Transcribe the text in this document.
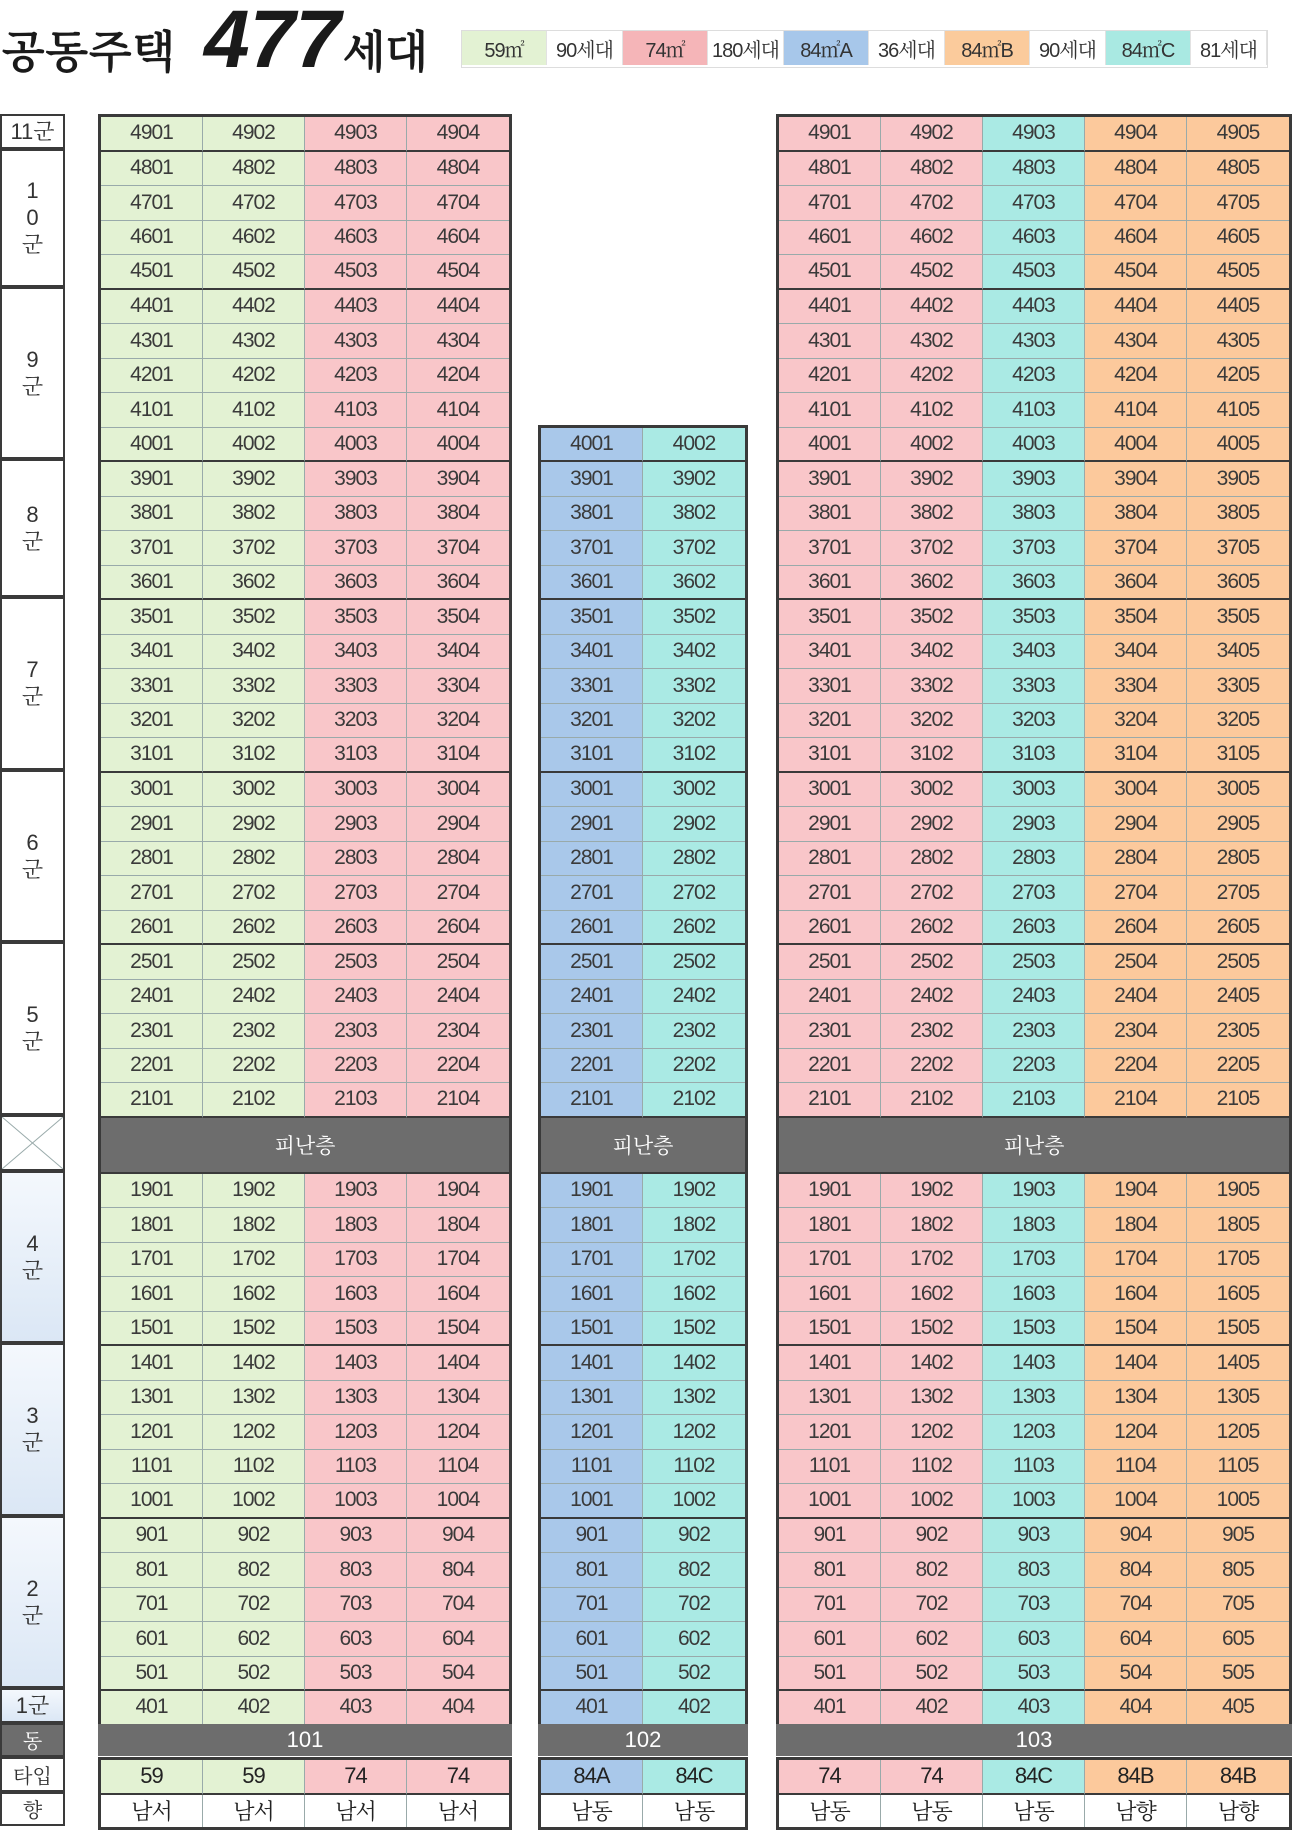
공동주택 477 세대	59㎡	90세대	74㎡	180세대	84㎡A	36세대	84㎡B	90세대	84㎡C	81세대
11군
10군
9군
8군
7군
6군
5군
4군
3군
2군
1군
동
타입
향
4901	4902	4903	4904
4801	4802	4803	4804
4701	4702	4703	4704
4601	4602	4603	4604
4501	4502	4503	4504
4401	4402	4403	4404
4301	4302	4303	4304
4201	4202	4203	4204
4101	4102	4103	4104
4001	4002	4003	4004
3901	3902	3903	3904
3801	3802	3803	3804
3701	3702	3703	3704
3601	3602	3603	3604
3501	3502	3503	3504
3401	3402	3403	3404
3301	3302	3303	3304
3201	3202	3203	3204
3101	3102	3103	3104
3001	3002	3003	3004
2901	2902	2903	2904
2801	2802	2803	2804
2701	2702	2703	2704
2601	2602	2603	2604
2501	2502	2503	2504
2401	2402	2403	2404
2301	2302	2303	2304
2201	2202	2203	2204
2101	2102	2103	2104
피난층
1901	1902	1903	1904
1801	1802	1803	1804
1701	1702	1703	1704
1601	1602	1603	1604
1501	1502	1503	1504
1401	1402	1403	1404
1301	1302	1303	1304
1201	1202	1203	1204
1101	1102	1103	1104
1001	1002	1003	1004
901	902	903	904
801	802	803	804
701	702	703	704
601	602	603	604
501	502	503	504
401	402	403	404
101
59	59	74	74
남서	남서	남서	남서
4001	4002
3901	3902
3801	3802
3701	3702
3601	3602
3501	3502
3401	3402
3301	3302
3201	3202
3101	3102
3001	3002
2901	2902
2801	2802
2701	2702
2601	2602
2501	2502
2401	2402
2301	2302
2201	2202
2101	2102
피난층
1901	1902
1801	1802
1701	1702
1601	1602
1501	1502
1401	1402
1301	1302
1201	1202
1101	1102
1001	1002
901	902
801	802
701	702
601	602
501	502
401	402
102
84A	84C
남동	남동
4901	4902	4903	4904	4905
4801	4802	4803	4804	4805
4701	4702	4703	4704	4705
4601	4602	4603	4604	4605
4501	4502	4503	4504	4505
4401	4402	4403	4404	4405
4301	4302	4303	4304	4305
4201	4202	4203	4204	4205
4101	4102	4103	4104	4105
4001	4002	4003	4004	4005
3901	3902	3903	3904	3905
3801	3802	3803	3804	3805
3701	3702	3703	3704	3705
3601	3602	3603	3604	3605
3501	3502	3503	3504	3505
3401	3402	3403	3404	3405
3301	3302	3303	3304	3305
3201	3202	3203	3204	3205
3101	3102	3103	3104	3105
3001	3002	3003	3004	3005
2901	2902	2903	2904	2905
2801	2802	2803	2804	2805
2701	2702	2703	2704	2705
2601	2602	2603	2604	2605
2501	2502	2503	2504	2505
2401	2402	2403	2404	2405
2301	2302	2303	2304	2305
2201	2202	2203	2204	2205
2101	2102	2103	2104	2105
피난층
1901	1902	1903	1904	1905
1801	1802	1803	1804	1805
1701	1702	1703	1704	1705
1601	1602	1603	1604	1605
1501	1502	1503	1504	1505
1401	1402	1403	1404	1405
1301	1302	1303	1304	1305
1201	1202	1203	1204	1205
1101	1102	1103	1104	1105
1001	1002	1003	1004	1005
901	902	903	904	905
801	802	803	804	805
701	702	703	704	705
601	602	603	604	605
501	502	503	504	505
401	402	403	404	405
103
74	74	84C	84B	84B
남동	남동	남동	남향	남향
